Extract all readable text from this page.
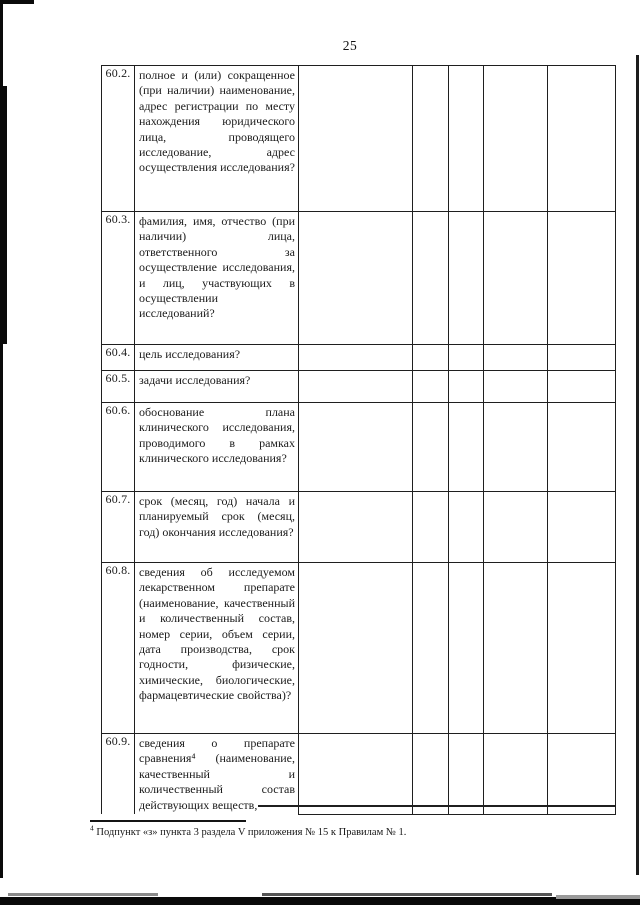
25
60.2.	полное и (или) сокращенное (при наличии) наименование, адрес регистрации по месту нахождения юридического лица, проводящего исследование, адрес осуществления исследования?					
60.3.	фамилия, имя, отчество (при наличии) лица, ответственного за осуществление исследования, и лиц, участвующих в осуществлении исследований?					
60.4.	цель исследования?					
60.5.	задачи исследования?					
60.6.	обоснование плана клинического исследования, проводимого в рамках клинического исследования?					
60.7.	срок (месяц, год) начала и планируемый срок (месяц, год) окончания исследования?					
60.8.	сведения об исследуемом лекарственном препарате (наименование, качественный и количественный состав, номер серии, объем серии, дата производства, срок годности, физические, химические, биологические, фармацевтические свойства)?					
60.9.	сведения о препарате сравнения⁴ (наименование, качественный и количественный состав действующих веществ,					
$^4$ Подпункт «з» пункта 3 раздела V приложения № 15 к Правилам № 1.
